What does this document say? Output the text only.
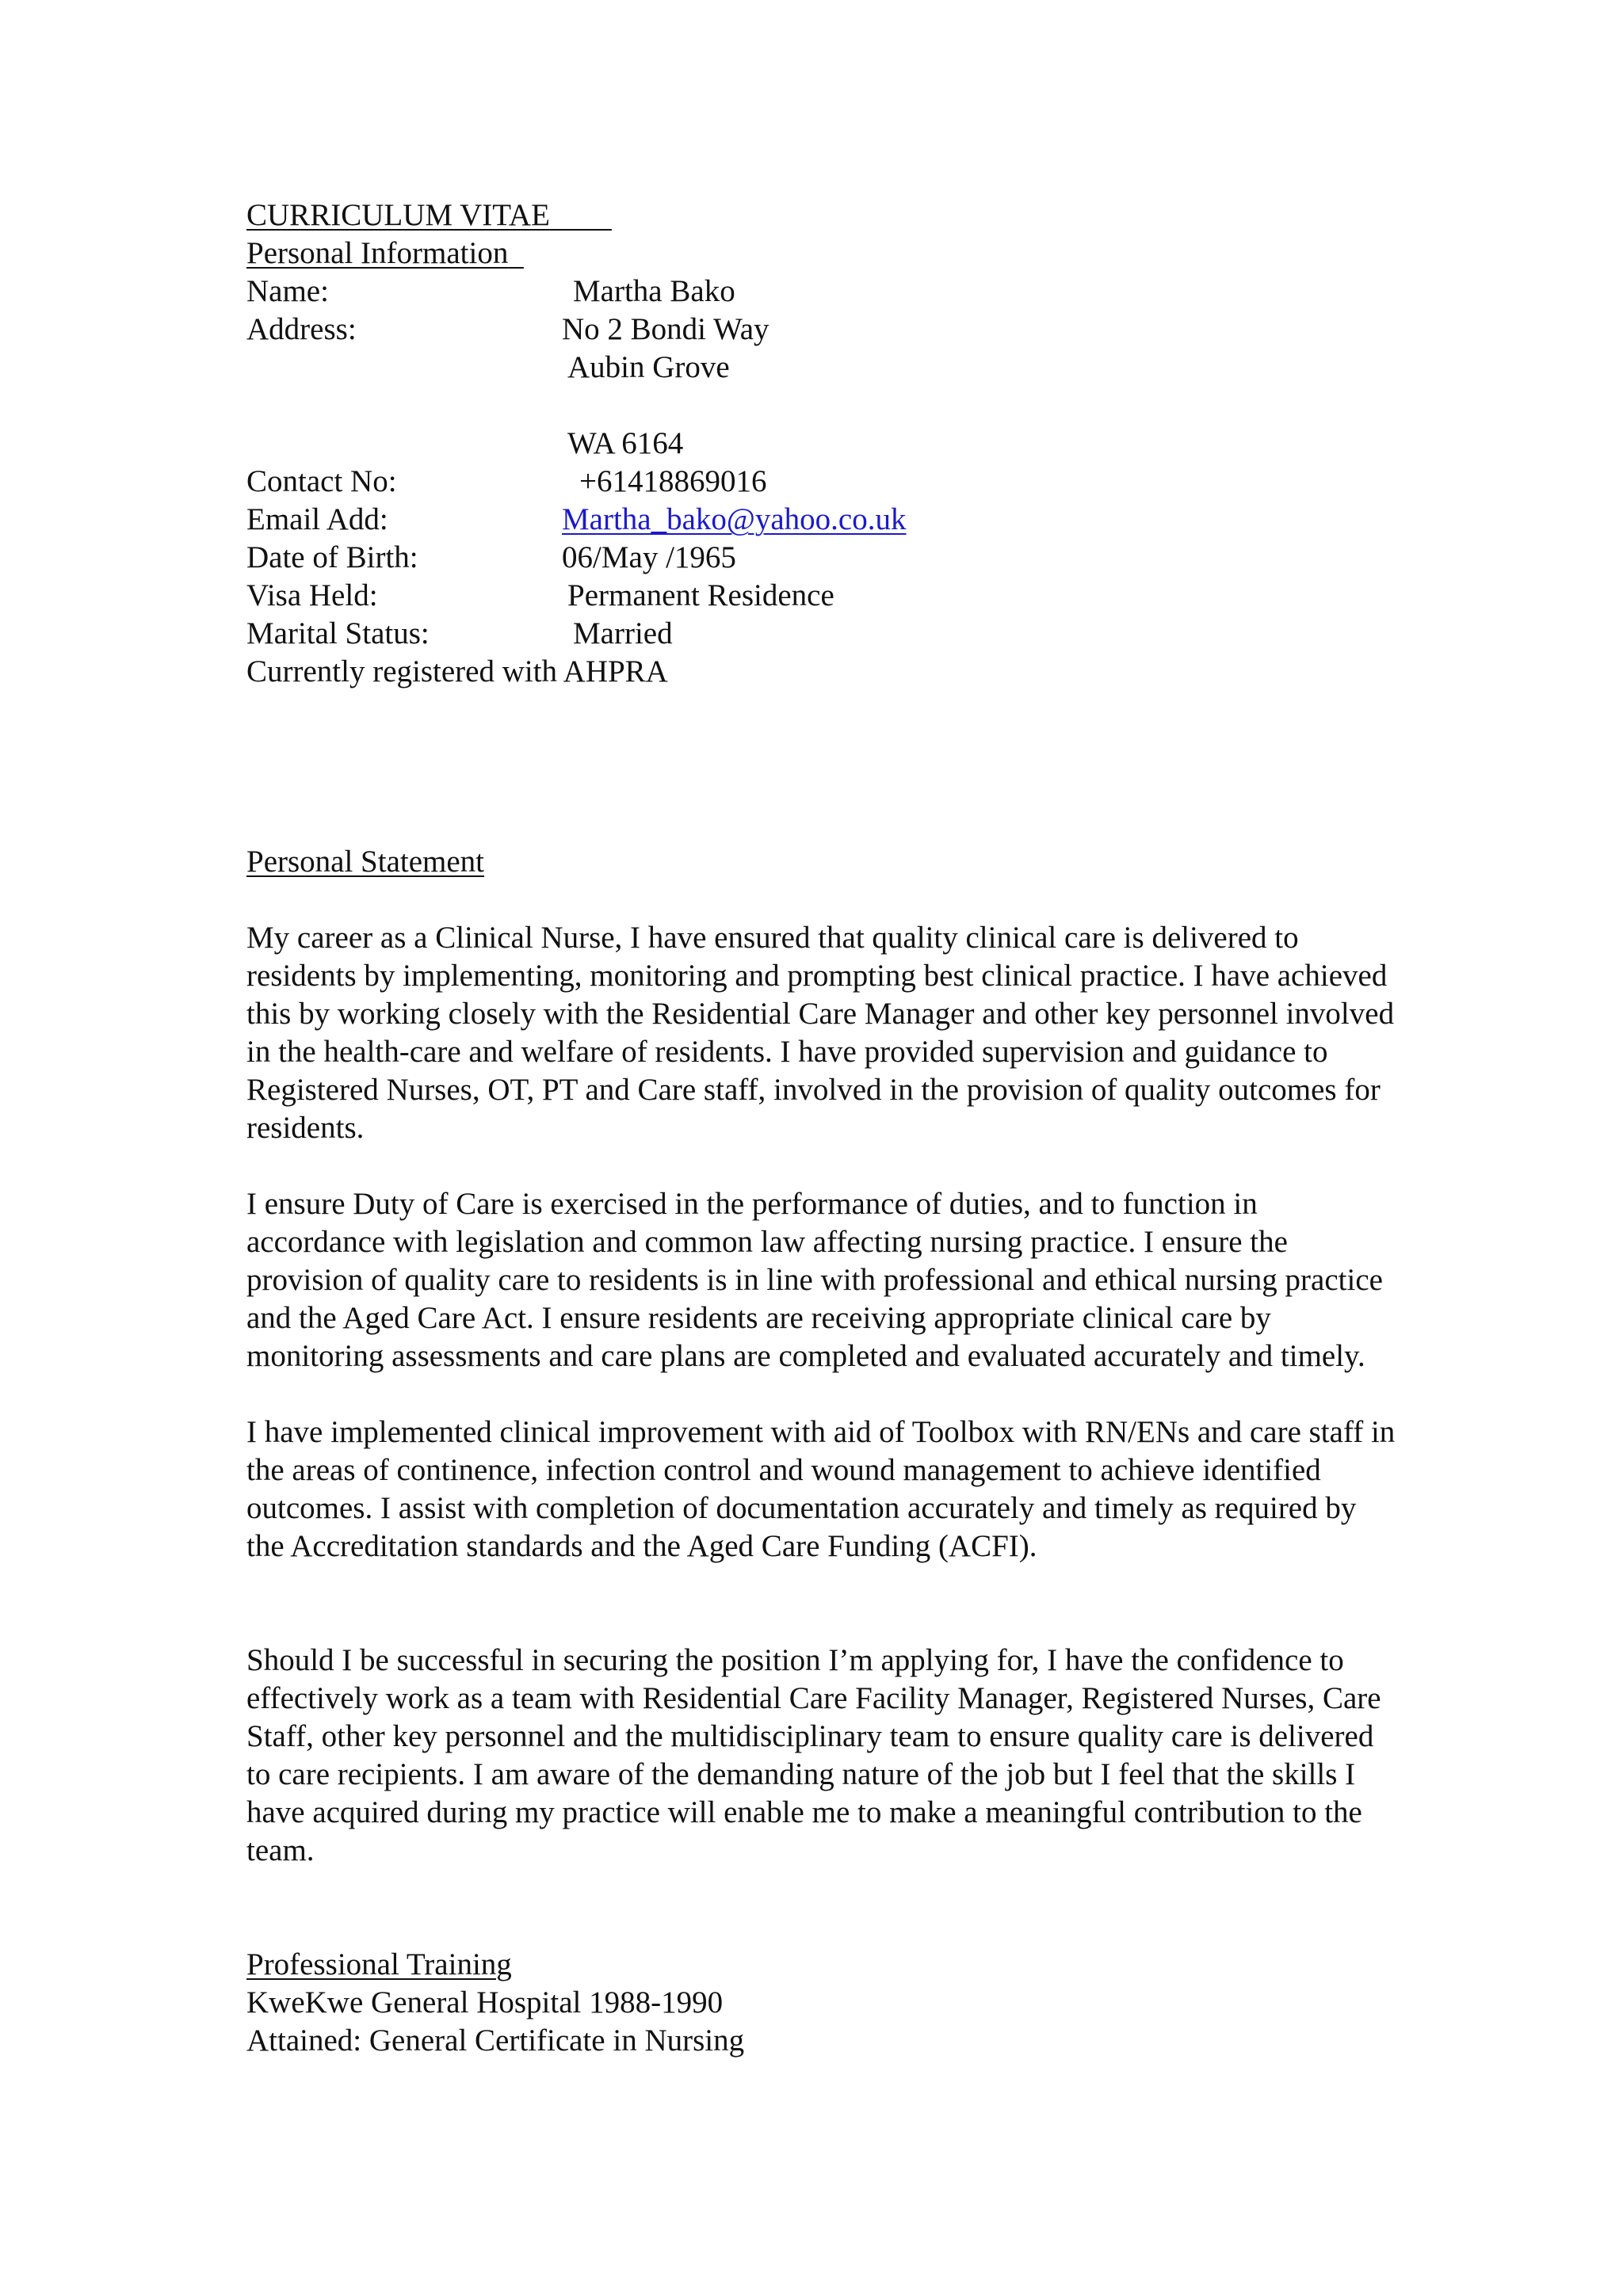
CURRICULUM VITAE
Personal Information
Name:	Martha Bako
Address:	No 2 Bondi Way
Aubin Grove
WA 6164
Contact No:	+61418869016
Email Add:	Martha_bako@yahoo.co.uk
Date of Birth:	06/May /1965
Visa Held:	Permanent Residence
Marital Status:	Married
Currently registered with AHPRA
Personal Statement

My career as a Clinical Nurse, I have ensured that quality clinical care is delivered to residents by implementing, monitoring and prompting best clinical practice. I have achieved this by working closely with the Residential Care Manager and other key personnel involved in the health-care and welfare of residents. I have provided supervision and guidance to Registered Nurses, OT, PT and Care staff, involved in the provision of quality outcomes for residents.

I ensure Duty of Care is exercised in the performance of duties, and to function in accordance with legislation and common law affecting nursing practice. I ensure the provision of quality care to residents is in line with professional and ethical nursing practice and the Aged Care Act. I ensure residents are receiving appropriate clinical care by monitoring assessments and care plans are completed and evaluated accurately and timely.

I have implemented clinical improvement with aid of Toolbox with RN/ENs and care staff in the areas of continence, infection control and wound management to achieve identified outcomes. I assist with completion of documentation accurately and timely as required by the Accreditation standards and the Aged Care Funding (ACFI).

Should I be successful in securing the position I’m applying for, I have the confidence to effectively work as a team with Residential Care Facility Manager, Registered Nurses, Care Staff, other key personnel and the multidisciplinary team to ensure quality care is delivered to care recipients. I am aware of the demanding nature of the job but I feel that the skills I have acquired during my practice will enable me to make a meaningful contribution to the team.

Professional Training
KweKwe General Hospital 1988-1990
Attained: General Certificate in Nursing
